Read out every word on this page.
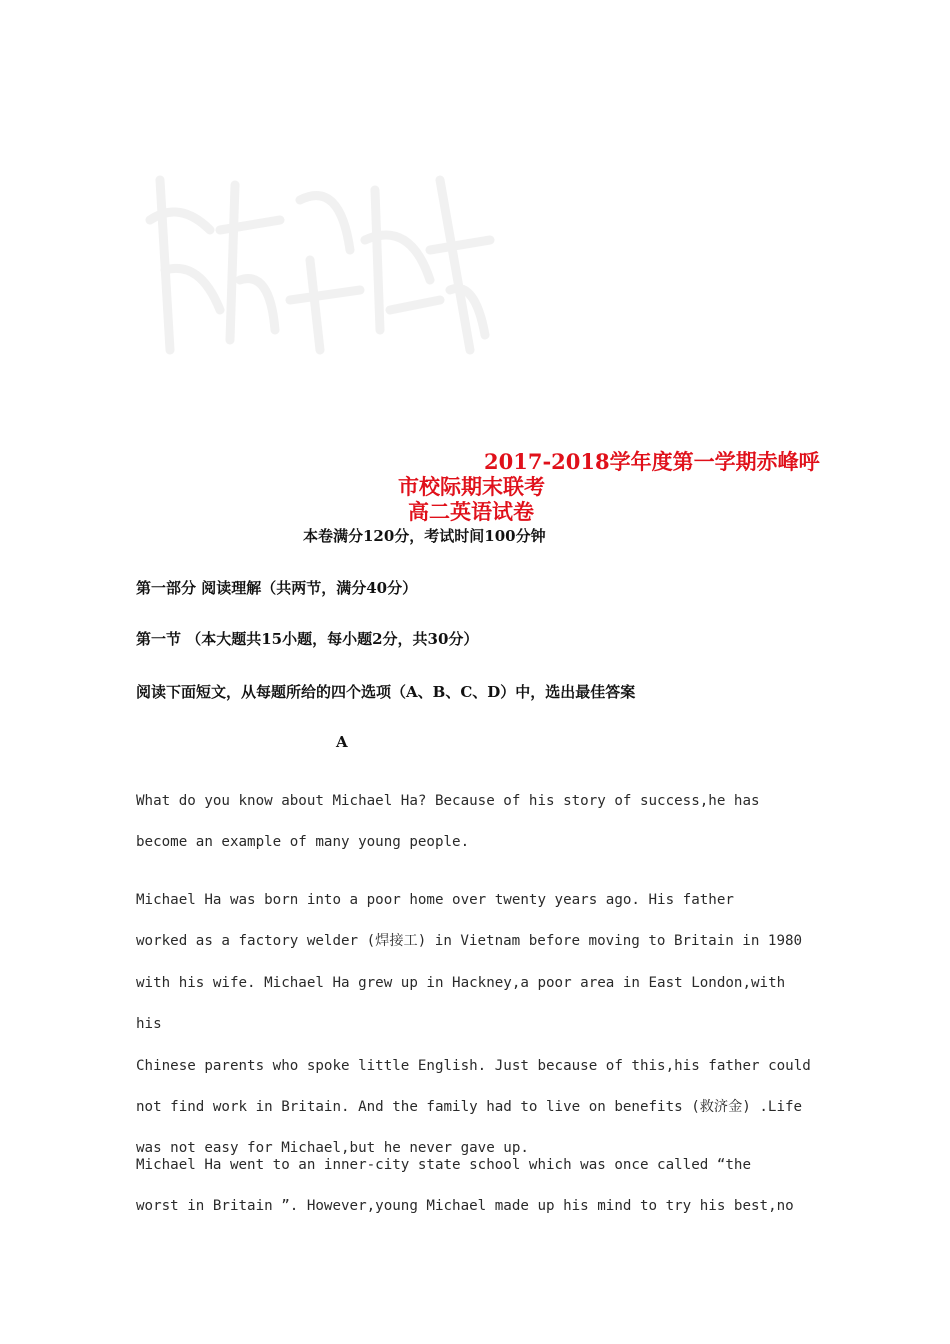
2017-2018学年度第一学期赤峰呼
市校际期末联考
高二英语试卷
本卷满分120分，考试时间100分钟
第一部分 阅读理解（共两节，满分40分）
第一节 （本大题共15小题，每小题2分，共30分）
阅读下面短文，从每题所给的四个选项（A、B、C、D）中，选出最佳答案
A
What do you know about Michael Ha? Because of his story of success,he has
become an example of many young people.
Michael Ha was born into a poor home over twenty years ago. His father
worked as a factory welder (焊接工) in Vietnam before moving to Britain in 1980
with his wife. Michael Ha grew up in Hackney,a poor area in East London,with his
Chinese parents who spoke little English. Just because of this,his father could
not find work in Britain. And the family had to live on benefits (救济金) .Life
was not easy for Michael,but he never gave up.
Michael Ha went to an inner-city state school which was once called “the
worst in Britain ”. However,young Michael made up his mind to try his best,no
